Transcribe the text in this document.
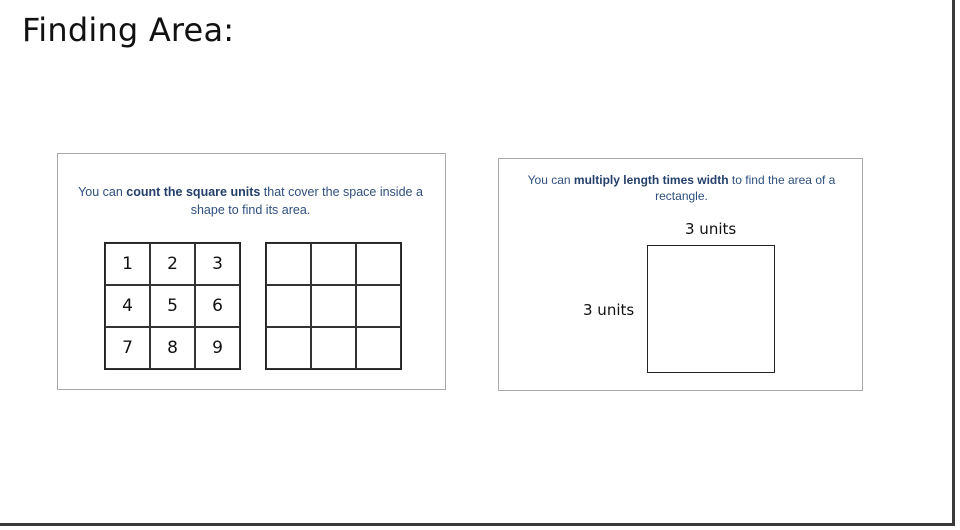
Finding Area:
You can count the square units that cover the space inside a shape to find its area.
1	2	3
4	5	6
7	8	9
You can multiply length times width to find the area of a rectangle.
3 units
3 units
